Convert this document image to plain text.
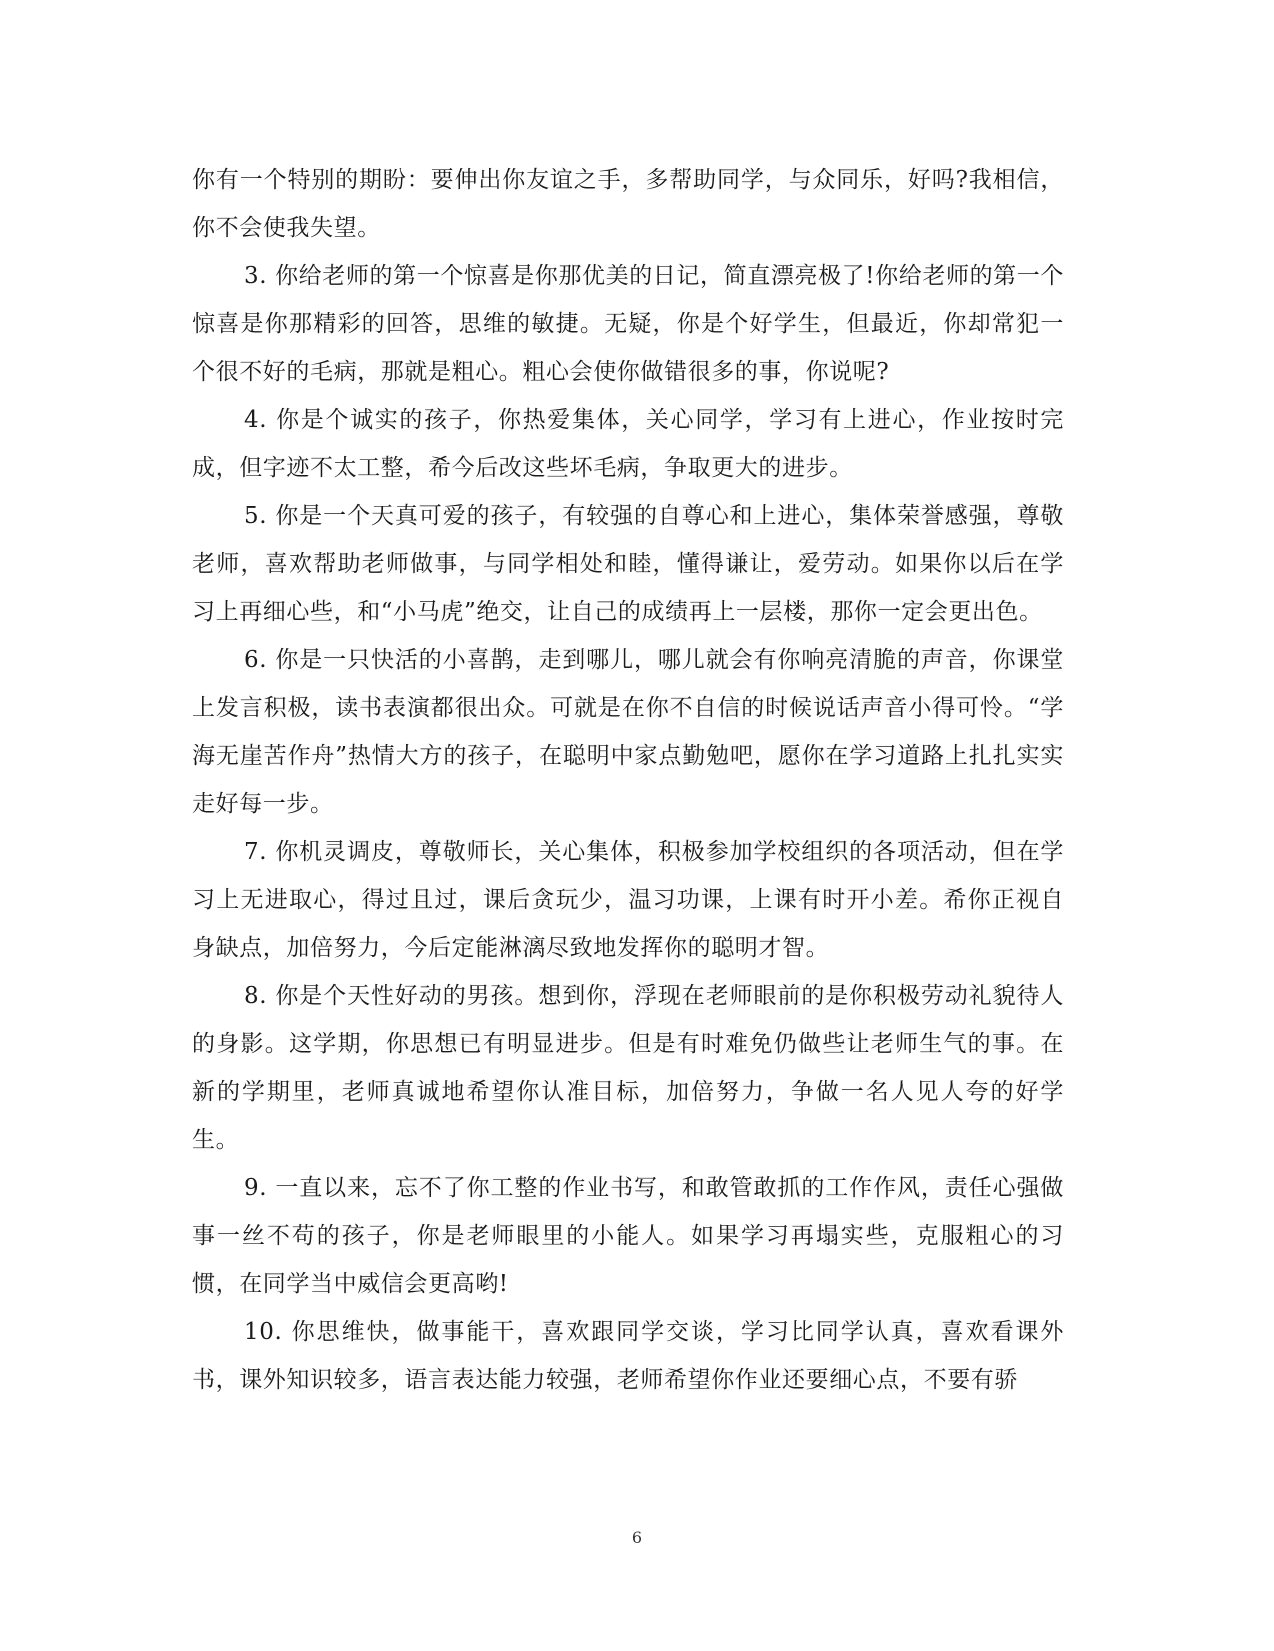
你有一个特别的期盼：要伸出你友谊之手，多帮助同学，与众同乐，好吗?我相信，你不会使我失望。

3. 你给老师的第一个惊喜是你那优美的日记，简直漂亮极了!你给老师的第一个惊喜是你那精彩的回答，思维的敏捷。无疑，你是个好学生，但最近，你却常犯一个很不好的毛病，那就是粗心。粗心会使你做错很多的事，你说呢?

4. 你是个诚实的孩子，你热爱集体，关心同学，学习有上进心，作业按时完成，但字迹不太工整，希今后改这些坏毛病，争取更大的进步。

5. 你是一个天真可爱的孩子，有较强的自尊心和上进心，集体荣誉感强，尊敬老师，喜欢帮助老师做事，与同学相处和睦，懂得谦让，爱劳动。如果你以后在学习上再细心些，和“小马虎”绝交，让自己的成绩再上一层楼，那你一定会更出色。

6. 你是一只快活的小喜鹊，走到哪儿，哪儿就会有你响亮清脆的声音，你课堂上发言积极，读书表演都很出众。可就是在你不自信的时候说话声音小得可怜。“学海无崖苦作舟”热情大方的孩子，在聪明中家点勤勉吧，愿你在学习道路上扎扎实实走好每一步。

7. 你机灵调皮，尊敬师长，关心集体，积极参加学校组织的各项活动，但在学习上无进取心，得过且过，课后贪玩少，温习功课，上课有时开小差。希你正视自身缺点，加倍努力，今后定能淋漓尽致地发挥你的聪明才智。

8. 你是个天性好动的男孩。想到你，浮现在老师眼前的是你积极劳动礼貌待人的身影。这学期，你思想已有明显进步。但是有时难免仍做些让老师生气的事。在新的学期里，老师真诚地希望你认准目标，加倍努力，争做一名人见人夸的好学生。

9. 一直以来，忘不了你工整的作业书写，和敢管敢抓的工作作风，责任心强做事一丝不苟的孩子，你是老师眼里的小能人。如果学习再塌实些，克服粗心的习惯，在同学当中威信会更高哟!

10. 你思维快，做事能干，喜欢跟同学交谈，学习比同学认真，喜欢看课外书，课外知识较多，语言表达能力较强，老师希望你作业还要细心点，不要有骄

6
